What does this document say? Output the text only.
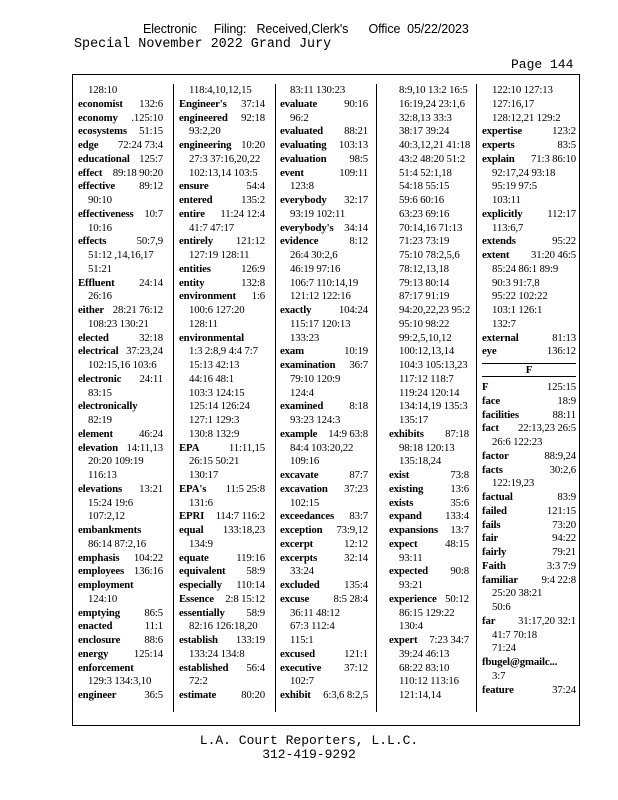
Electronic     Filing:   Received,Clerk's      Office  05/22/2023
Special November 2022 Grand Jury
Page 144
128:10
economist 132:6
economy .125:10
ecosystems 51:15
edge 72:24 73:4
educational 125:7
effect 89:18 90:20
effective 89:12
90:10
effectiveness 10:7
10:16
effects	50:7,9
51:12 ,14,16,17
51:21
Effluent 24:14
26:16
either 28:21 76:12
108:23 130:21
elected	32:18
electrical 37:23,24
102:15,16 103:6
electronic 24:11
83:15
electronically
82:19
element 46:24
elevation 14:11,13
20:20 109:19
116:13
elevations 13:21
15:24 19:6
107:2,12
embankments
86:14 87:2,16
emphasis 104:22
employees 136:16
employment
124:10
emptying 86:5
enacted	11:1
enclosure 88:6
energy 125:14
enforcement
129:3 134:3,10
engineer	36:5
118:4,10,12,15
Engineer's 37:14
engineered 92:18
93:2,20
engineering 10:20
27:3 37:16,20,22
102:13,14 103:5
ensure	54:4
entered	135:2
entire 11:24 12:4
41:7 47:17
entirely 121:12
127:19 128:11
entities	126:9
entity	132:8
environment 1:6
100:6 127:20
128:11
environmental
1:3 2:8,9 4:4 7:7
15:13 42:13
44:16 48:1
103:3 124:15
125:14 126:24
127:1 129:3
130:8 132:9
EPA	11:11,15
26:15 50:21
130:17
EPA's 11:5 25:8
131:6
EPRI 114:7 116:2
equal 133:18,23
134:9
equate	119:16
equivalent 58:9
especially 110:14
Essence 2:8 15:12
essentially 58:9
82:16 126:18,20
establish 133:19
133:24 134:8
established 56:4
72:2
estimate 80:20
83:11 130:23
evaluate 90:16
96:2
evaluated 88:21
evaluating 103:13
evaluation 98:5
event	109:11
123:8
everybody 32:17
93:19 102:11
everybody's 34:14
evidence	8:12
26:4 30:2,6
46:19 97:16
106:7 110:14,19
121:12 122:16
exactly	104:24
115:17 120:13
133:23
exam	10:19
examination 36:7
79:10 120:9
124:4
examined 8:18
93:23 124:3
example 14:9 63:8
84:4 103:20,22
109:16
excavate	87:7
excavation 37:23
102:15
exceedances 83:7
exception 73:9,12
excerpt	12:12
excerpts 32:14
33:24
excluded 135:4
excuse 8:5 28:4
36:11 48:12
67:3 112:4
115:1
excused	121:1
executive 37:12
102:7
exhibit 6:3,6 8:2,5
8:9,10 13:2 16:5
16:19,24 23:1,6
32:8,13 33:3
38:17 39:24
40:3,12,21 41:18
43:2 48:20 51:2
51:4 52:1,18
54:18 55:15
59:6 60:16
63:23 69:16
70:14,16 71:13
71:23 73:19
75:10 78:2,5,6
78:12,13,18
79:13 80:14
87:17 91:19
94:20,22,23 95:2
95:10 98:22
99:2,5,10,12
100:12,13,14
104:3 105:13,23
117:12 118:7
119:24 120:14
134:14,19 135:3
135:17
exhibits 87:18
98:18 120:13
135:18,24
exist	73:8
existing	13:6
exists	35:6
expand 133:4
expansions 13:7
expect	48:15
93:11
expected 90:8
93:21
experience 50:12
86:15 129:22
130:4
expert 7:23 34:7
39:24 46:13
68:22 83:10
110:12 113:16
121:14,14
122:10 127:13
127:16,17
128:12,21 129:2
expertise	123:2
experts	83:5
explain 71:3 86:10
92:17,24 93:18
95:19 97:5
103:11
explicitly 112:17
113:6,7
extends	95:22
extent 31:20 46:5
85:24 86:1 89:9
90:3 91:7,8
95:22 102:22
103:1 126:1
132:7
external	81:13
eye	136:12
F
F	125:15
face	18:9
facilities	88:11
fact 22:13,23 26:5
26:6 122:23
factor	88:9,24
facts	30:2,6
122:19,23
factual	83:9
failed	121:15
fails	73:20
fair	94:22
fairly	79:21
Faith	3:3 7:9
familiar 9:4 22:8
25:20 38:21
50:6
far 31:17,20 32:1
41:7 70:18
71:24
fbugel@gmailc...
3:7
feature	37:24
L.A. Court Reporters, L.L.C.
312-419-9292
